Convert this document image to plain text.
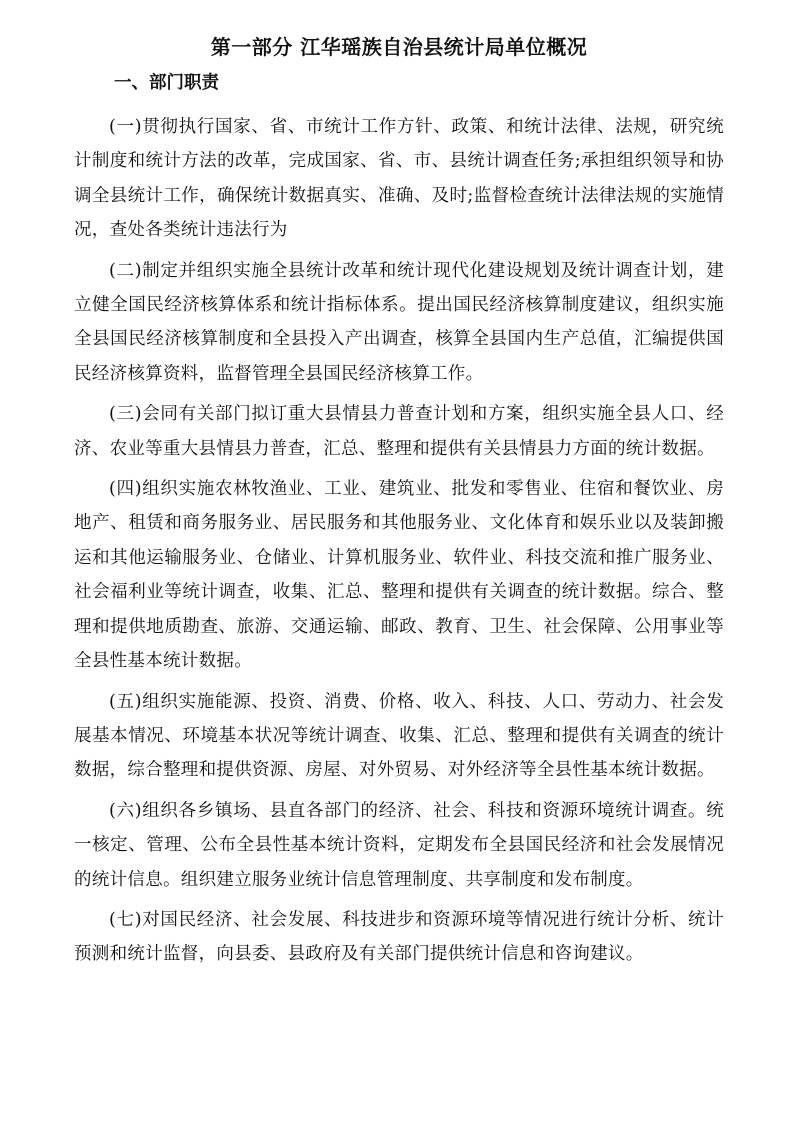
第一部分 江华瑶族自治县统计局单位概况
一、部门职责

(一)贯彻执行国家、省、市统计工作方针、政策、和统计法律、法规，研究统计制度和统计方法的改革，完成国家、省、市、县统计调查任务;承担组织领导和协调全县统计工作，确保统计数据真实、准确、及时;监督检查统计法律法规的实施情况，查处各类统计违法行为

(二)制定并组织实施全县统计改革和统计现代化建设规划及统计调查计划，建立健全国民经济核算体系和统计指标体系。提出国民经济核算制度建议，组织实施全县国民经济核算制度和全县投入产出调查，核算全县国内生产总值，汇编提供国民经济核算资料，监督管理全县国民经济核算工作。

(三)会同有关部门拟订重大县情县力普查计划和方案，组织实施全县人口、经济、农业等重大县情县力普查，汇总、整理和提供有关县情县力方面的统计数据。

(四)组织实施农林牧渔业、工业、建筑业、批发和零售业、住宿和餐饮业、房地产、租赁和商务服务业、居民服务和其他服务业、文化体育和娱乐业以及装卸搬运和其他运输服务业、仓储业、计算机服务业、软件业、科技交流和推广服务业、社会福利业等统计调查，收集、汇总、整理和提供有关调查的统计数据。综合、整理和提供地质勘查、旅游、交通运输、邮政、教育、卫生、社会保障、公用事业等全县性基本统计数据。

(五)组织实施能源、投资、消费、价格、收入、科技、人口、劳动力、社会发展基本情况、环境基本状况等统计调查、收集、汇总、整理和提供有关调查的统计数据，综合整理和提供资源、房屋、对外贸易、对外经济等全县性基本统计数据。

(六)组织各乡镇场、县直各部门的经济、社会、科技和资源环境统计调查。统一核定、管理、公布全县性基本统计资料，定期发布全县国民经济和社会发展情况的统计信息。组织建立服务业统计信息管理制度、共享制度和发布制度。

(七)对国民经济、社会发展、科技进步和资源环境等情况进行统计分析、统计预测和统计监督，向县委、县政府及有关部门提供统计信息和咨询建议。
